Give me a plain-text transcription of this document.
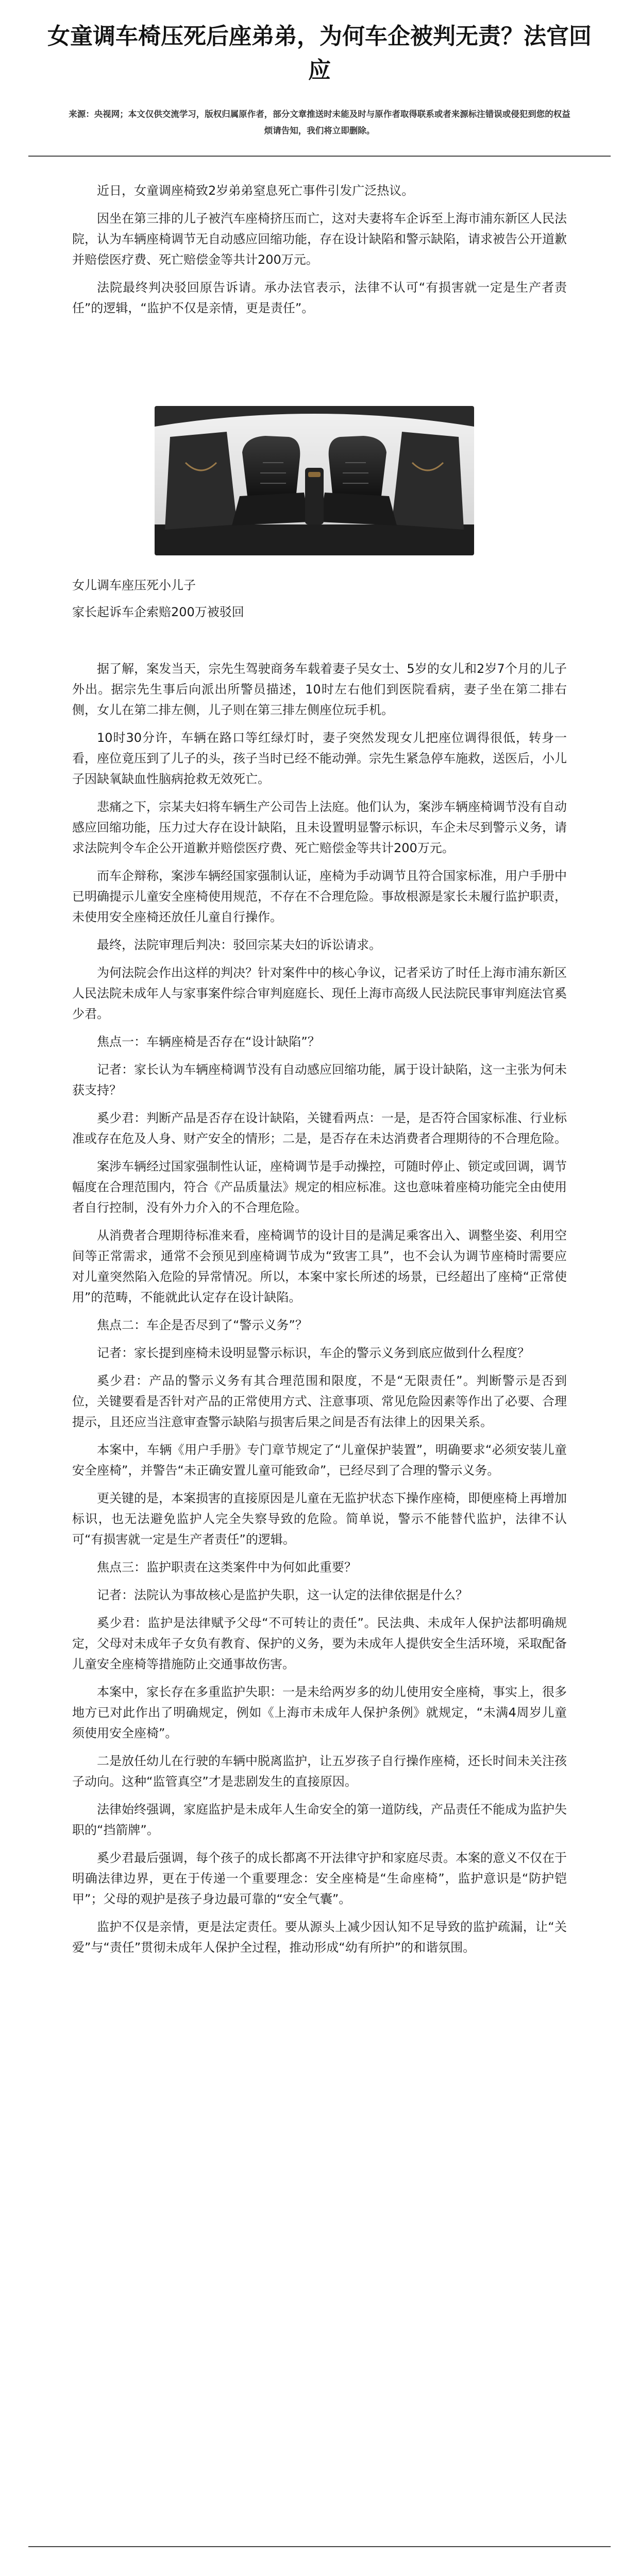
女童调车椅压死后座弟弟，为何车企被判无责？法官回应

来源：央视网；本文仅供交流学习，版权归属原作者，部分文章推送时未能及时与原作者取得联系或者来源标注错误或侵犯到您的权益烦请告知，我们将立即删除。

近日，女童调座椅致2岁弟弟窒息死亡事件引发广泛热议。

因坐在第三排的儿子被汽车座椅挤压而亡，这对夫妻将车企诉至上海市浦东新区人民法院，认为车辆座椅调节无自动感应回缩功能，存在设计缺陷和警示缺陷，请求被告公开道歉并赔偿医疗费、死亡赔偿金等共计200万元。

法院最终判决驳回原告诉请。承办法官表示，法律不认可“有损害就一定是生产者责任”的逻辑，“监护不仅是亲情，更是责任”。

女儿调车座压死小儿子

家长起诉车企索赔200万被驳回

据了解，案发当天，宗先生驾驶商务车载着妻子吴女士、5岁的女儿和2岁7个月的儿子外出。据宗先生事后向派出所警员描述，10时左右他们到医院看病，妻子坐在第二排右侧，女儿在第二排左侧，儿子则在第三排左侧座位玩手机。

10时30分许，车辆在路口等红绿灯时，妻子突然发现女儿把座位调得很低，转身一看，座位竟压到了儿子的头，孩子当时已经不能动弹。宗先生紧急停车施救，送医后，小儿子因缺氧缺血性脑病抢救无效死亡。

悲痛之下，宗某夫妇将车辆生产公司告上法庭。他们认为，案涉车辆座椅调节没有自动感应回缩功能，压力过大存在设计缺陷，且未设置明显警示标识，车企未尽到警示义务，请求法院判令车企公开道歉并赔偿医疗费、死亡赔偿金等共计200万元。

而车企辩称，案涉车辆经国家强制认证，座椅为手动调节且符合国家标准，用户手册中已明确提示儿童安全座椅使用规范，不存在不合理危险。事故根源是家长未履行监护职责，未使用安全座椅还放任儿童自行操作。

最终，法院审理后判决：驳回宗某夫妇的诉讼请求。

为何法院会作出这样的判决？针对案件中的核心争议，记者采访了时任上海市浦东新区人民法院未成年人与家事案件综合审判庭庭长、现任上海市高级人民法院民事审判庭法官奚少君。

焦点一：车辆座椅是否存在“设计缺陷”？

记者：家长认为车辆座椅调节没有自动感应回缩功能，属于设计缺陷，这一主张为何未获支持？

奚少君：判断产品是否存在设计缺陷，关键看两点：一是，是否符合国家标准、行业标准或存在危及人身、财产安全的情形；二是，是否存在未达消费者合理期待的不合理危险。

案涉车辆经过国家强制性认证，座椅调节是手动操控，可随时停止、锁定或回调，调节幅度在合理范围内，符合《产品质量法》规定的相应标准。这也意味着座椅功能完全由使用者自行控制，没有外力介入的不合理危险。

从消费者合理期待标准来看，座椅调节的设计目的是满足乘客出入、调整坐姿、利用空间等正常需求，通常不会预见到座椅调节成为“致害工具”，也不会认为调节座椅时需要应对儿童突然陷入危险的异常情况。所以，本案中家长所述的场景，已经超出了座椅“正常使用”的范畴，不能就此认定存在设计缺陷。

焦点二：车企是否尽到了“警示义务”？

记者：家长提到座椅未设明显警示标识，车企的警示义务到底应做到什么程度？

奚少君：产品的警示义务有其合理范围和限度，不是“无限责任”。判断警示是否到位，关键要看是否针对产品的正常使用方式、注意事项、常见危险因素等作出了必要、合理提示，且还应当注意审查警示缺陷与损害后果之间是否有法律上的因果关系。

本案中，车辆《用户手册》专门章节规定了“儿童保护装置”，明确要求“必须安装儿童安全座椅”，并警告“未正确安置儿童可能致命”，已经尽到了合理的警示义务。

更关键的是，本案损害的直接原因是儿童在无监护状态下操作座椅，即便座椅上再增加标识，也无法避免监护人完全失察导致的危险。简单说，警示不能替代监护，法律不认可“有损害就一定是生产者责任”的逻辑。

焦点三：监护职责在这类案件中为何如此重要？

记者：法院认为事故核心是监护失职，这一认定的法律依据是什么？

奚少君：监护是法律赋予父母“不可转让的责任”。民法典、未成年人保护法都明确规定，父母对未成年子女负有教育、保护的义务，要为未成年人提供安全生活环境，采取配备儿童安全座椅等措施防止交通事故伤害。

本案中，家长存在多重监护失职：一是未给两岁多的幼儿使用安全座椅，事实上，很多地方已对此作出了明确规定，例如《上海市未成年人保护条例》就规定，“未满4周岁儿童须使用安全座椅”。

二是放任幼儿在行驶的车辆中脱离监护，让五岁孩子自行操作座椅，还长时间未关注孩子动向。这种“监管真空”才是悲剧发生的直接原因。

法律始终强调，家庭监护是未成年人生命安全的第一道防线，产品责任不能成为监护失职的“挡箭牌”。

奚少君最后强调，每个孩子的成长都离不开法律守护和家庭尽责。本案的意义不仅在于明确法律边界，更在于传递一个重要理念：安全座椅是“生命座椅”，监护意识是“防护铠甲”；父母的观护是孩子身边最可靠的“安全气囊”。

监护不仅是亲情，更是法定责任。要从源头上减少因认知不足导致的监护疏漏，让“关爱”与“责任”贯彻未成年人保护全过程，推动形成“幼有所护”的和谐氛围。
